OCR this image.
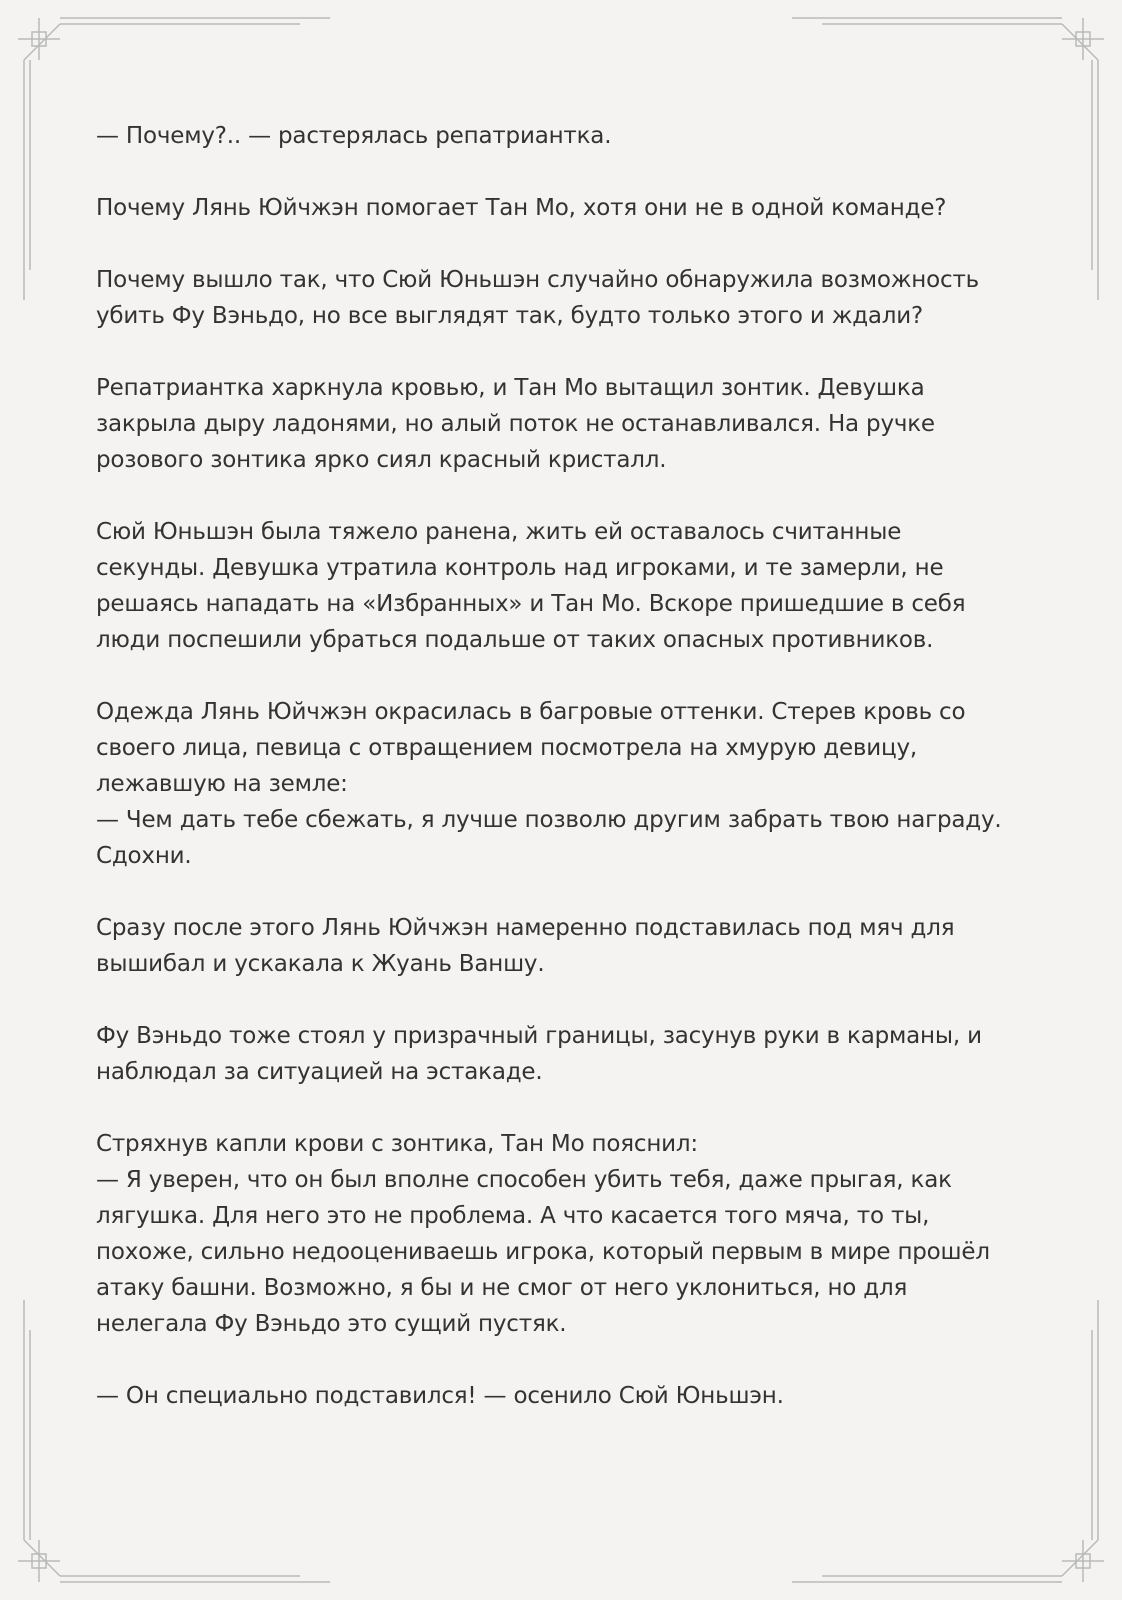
— Почему?.. — растерялась репатриантка.

Почему Лянь Юйчжэн помогает Тан Мо, хотя они не в одной команде?

Почему вышло так, что Сюй Юньшэн случайно обнаружила возможность
убить Фу Вэньдо, но все выглядят так, будто только этого и ждали?

Репатриантка харкнула кровью, и Тан Мо вытащил зонтик. Девушка
закрыла дыру ладонями, но алый поток не останавливался. На ручке
розового зонтика ярко сиял красный кристалл.

Сюй Юньшэн была тяжело ранена, жить ей оставалось считанные
секунды. Девушка утратила контроль над игроками, и те замерли, не
решаясь нападать на «Избранных» и Тан Мо. Вскоре пришедшие в себя
люди поспешили убраться подальше от таких опасных противников.

Одежда Лянь Юйчжэн окрасилась в багровые оттенки. Стерев кровь со
своего лица, певица с отвращением посмотрела на хмурую девицу,
лежавшую на земле:
— Чем дать тебе сбежать, я лучше позволю другим забрать твою награду.
Сдохни.

Сразу после этого Лянь Юйчжэн намеренно подставилась под мяч для
вышибал и ускакала к Жуань Ваншу.

Фу Вэньдо тоже стоял у призрачный границы, засунув руки в карманы, и
наблюдал за ситуацией на эстакаде.

Стряхнув капли крови с зонтика, Тан Мо пояснил:
— Я уверен, что он был вполне способен убить тебя, даже прыгая, как
лягушка. Для него это не проблема. А что касается того мяча, то ты,
похоже, сильно недооцениваешь игрока, который первым в мире прошёл
атаку башни. Возможно, я бы и не смог от него уклониться, но для
нелегала Фу Вэньдо это сущий пустяк.

— Он специально подставился! — осенило Сюй Юньшэн.
